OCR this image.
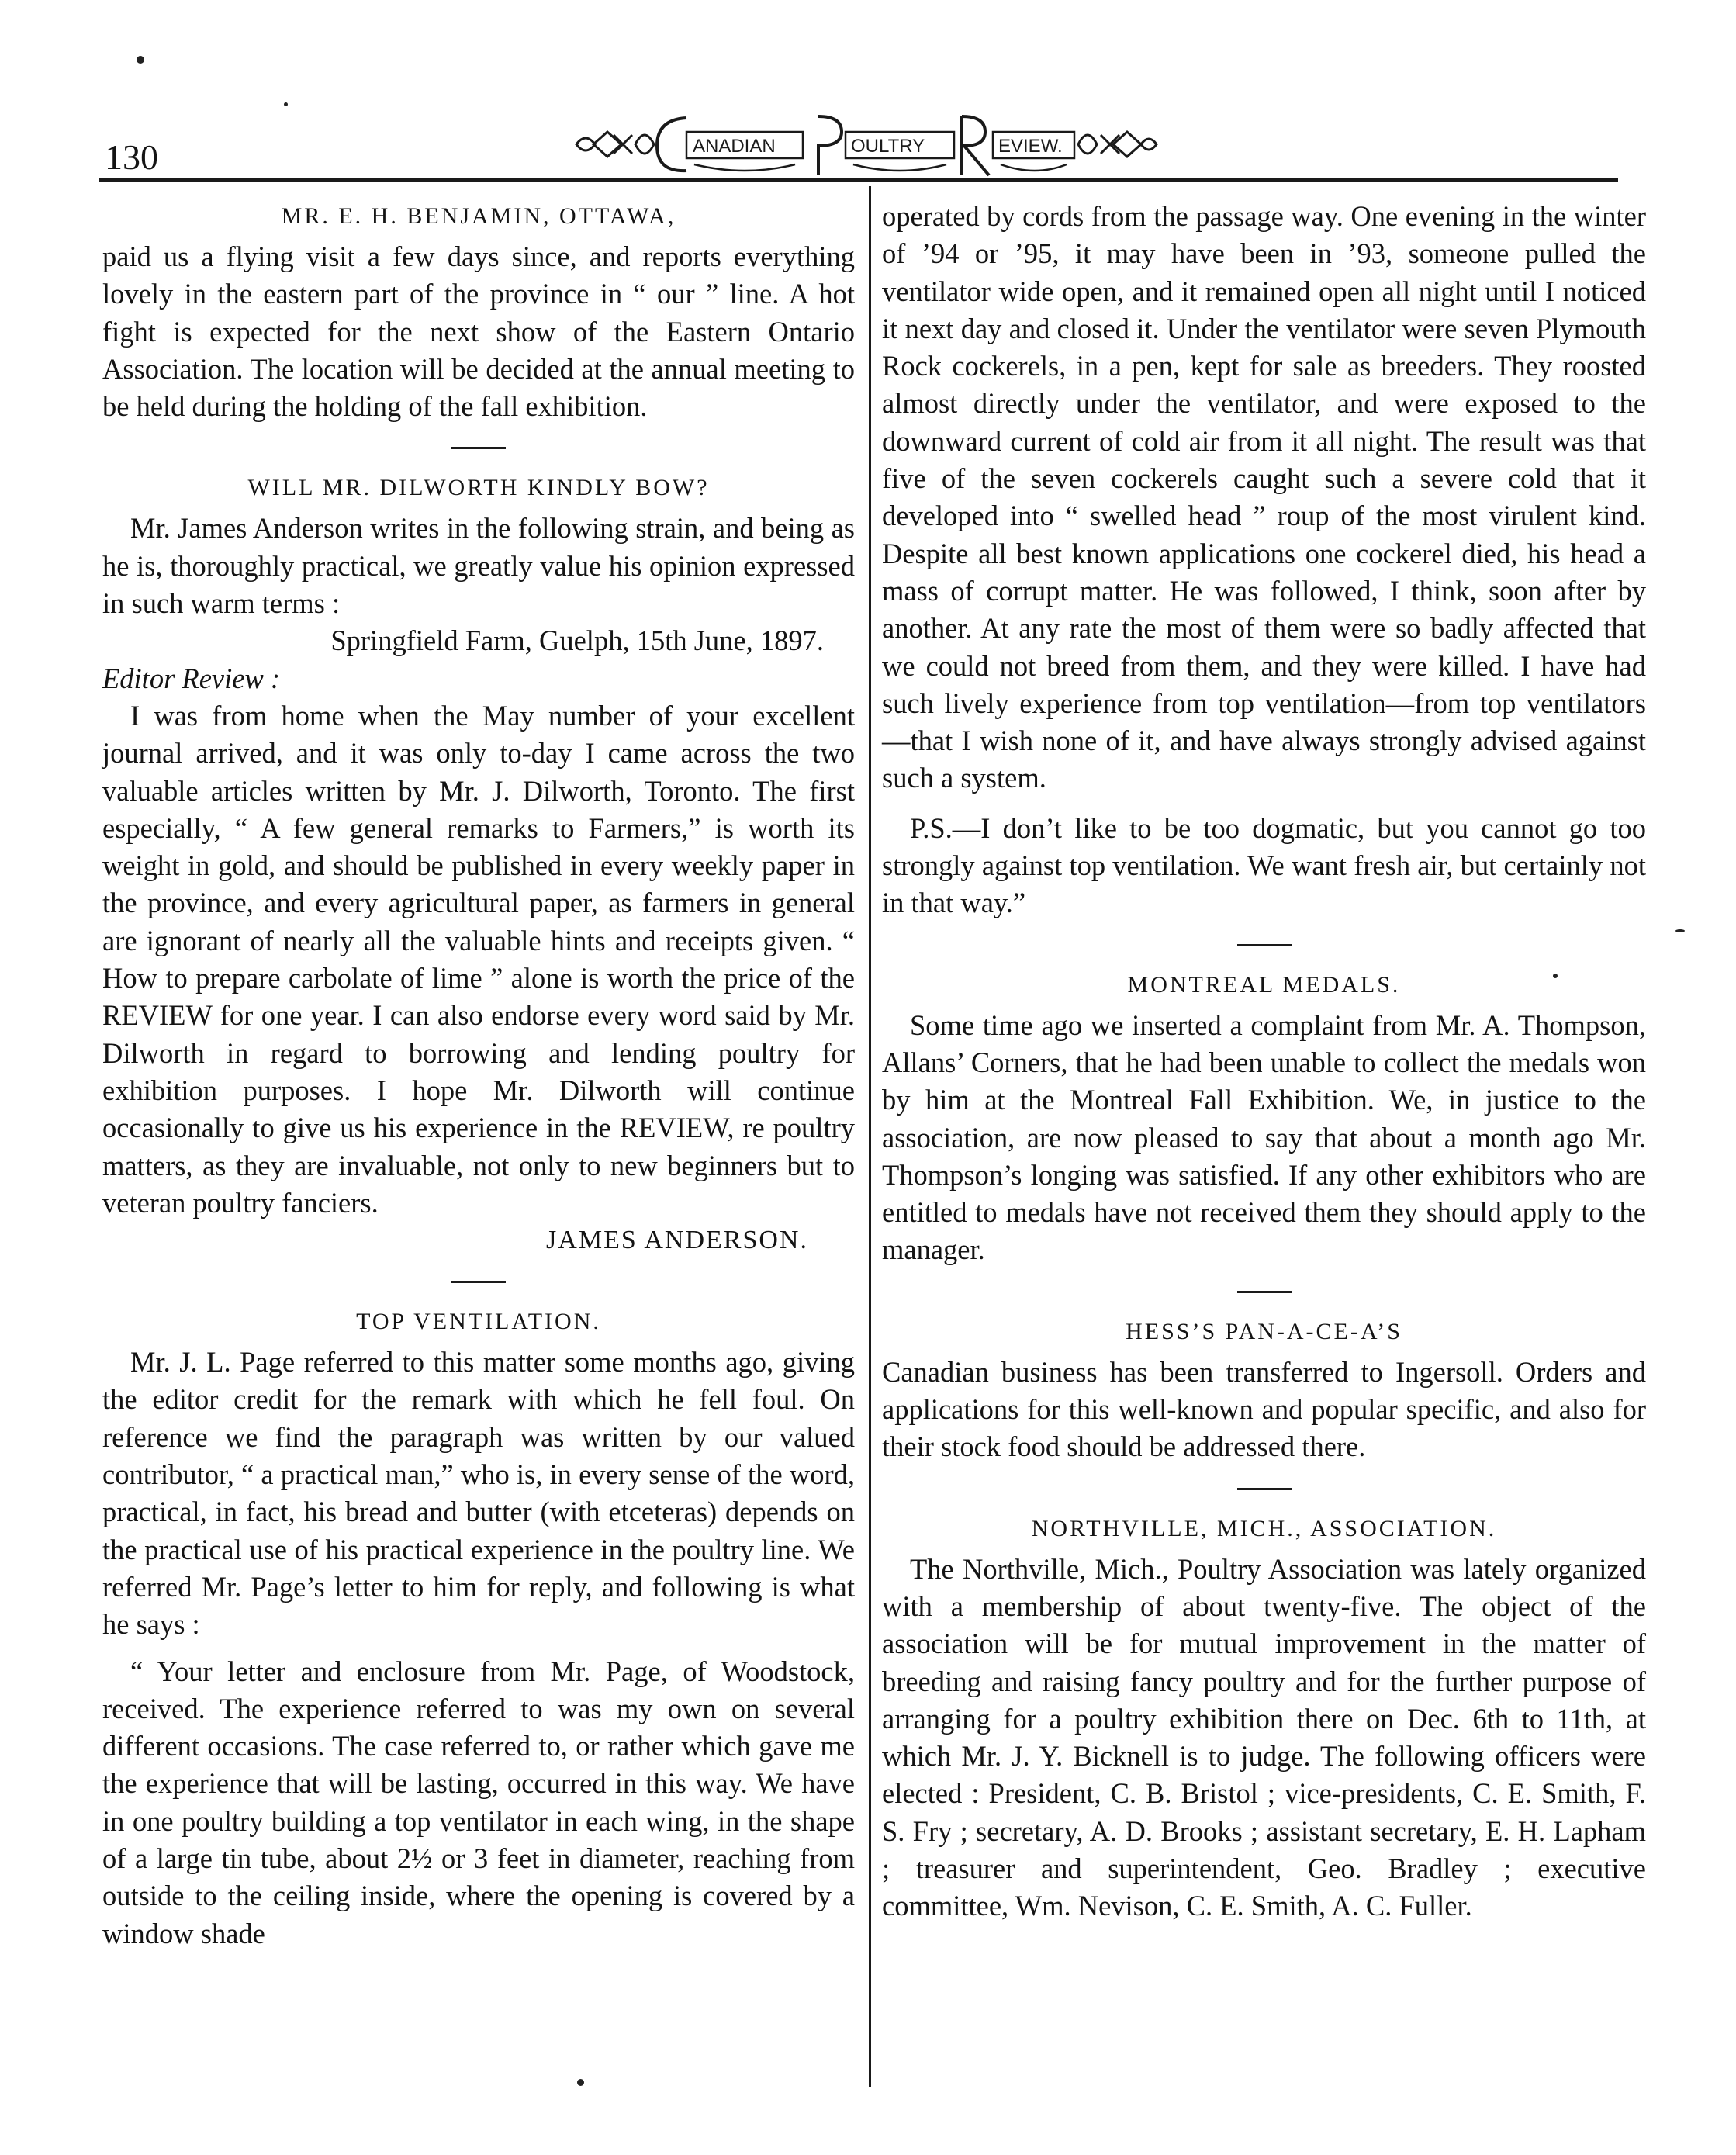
130	ANADIAN	OULTRY	EVIEW.
MR. E. H. BENJAMIN, OTTAWA,

paid us a flying visit a few days since, and reports everything lovely in the eastern part of the province in “ our ” line. A hot fight is expected for the next show of the Eastern Ontario Association. The location will be decided at the annual meeting to be held during the holding of the fall exhibition.

WILL MR. DILWORTH KINDLY BOW?

Mr. James Anderson writes in the following strain, and being as he is, thoroughly practical, we greatly value his opinion expressed in such warm terms :

Springfield Farm, Guelph, 15th June, 1897.

Editor Review :

I was from home when the May number of your excellent journal arrived, and it was only to-day I came across the two valuable articles written by Mr. J. Dilworth, Toronto. The first especially, “ A few general remarks to Farmers,” is worth its weight in gold, and should be published in every weekly paper in the province, and every agricultural paper, as farmers in general are ignorant of nearly all the valuable hints and receipts given. “ How to prepare carbolate of lime ” alone is worth the price of the REVIEW for one year. I can also endorse every word said by Mr. Dilworth in regard to borrowing and lending poultry for exhibition purposes. I hope Mr. Dilworth will continue occasionally to give us his experience in the REVIEW, re poultry matters, as they are invaluable, not only to new beginners but to veteran poultry fanciers.

JAMES ANDERSON.

TOP VENTILATION.

Mr. J. L. Page referred to this matter some months ago, giving the editor credit for the remark with which he fell foul. On reference we find the paragraph was written by our valued contributor, “ a practical man,” who is, in every sense of the word, practical, in fact, his bread and butter (with etceteras) depends on the practical use of his practical experience in the poultry line. We referred Mr. Page’s letter to him for reply, and following is what he says :

“ Your letter and enclosure from Mr. Page, of Woodstock, received. The experience referred to was my own on several different occasions. The case referred to, or rather which gave me the experience that will be lasting, occurred in this way. We have in one poultry building a top ventilator in each wing, in the shape of a large tin tube, about 2½ or 3 feet in diameter, reaching from outside to the ceiling inside, where the opening is covered by a window shade

operated by cords from the passage way. One evening in the winter of ’94 or ’95, it may have been in ’93, someone pulled the ventilator wide open, and it remained open all night until I noticed it next day and closed it. Under the ventilator were seven Plymouth Rock cockerels, in a pen, kept for sale as breeders. They roosted almost directly under the ventilator, and were exposed to the downward current of cold air from it all night. The result was that five of the seven cockerels caught such a severe cold that it developed into “ swelled head ” roup of the most virulent kind. Despite all best known applications one cockerel died, his head a mass of corrupt matter. He was followed, I think, soon after by another. At any rate the most of them were so badly affected that we could not breed from them, and they were killed. I have had such lively experience from top ventilation—from top ventilators—that I wish none of it, and have always strongly advised against such a system.

P.S.—I don’t like to be too dogmatic, but you cannot go too strongly against top ventilation. We want fresh air, but certainly not in that way.”

MONTREAL MEDALS.

Some time ago we inserted a complaint from Mr. A. Thompson, Allans’ Corners, that he had been unable to collect the medals won by him at the Montreal Fall Exhibition. We, in justice to the association, are now pleased to say that about a month ago Mr. Thompson’s longing was satisfied. If any other exhibitors who are entitled to medals have not received them they should apply to the manager.

HESS’S PAN-A-CE-A’S

Canadian business has been transferred to Ingersoll. Orders and applications for this well-known and popular specific, and also for their stock food should be addressed there.

NORTHVILLE, MICH., ASSOCIATION.

The Northville, Mich., Poultry Association was lately organized with a membership of about twenty-five. The object of the association will be for mutual improvement in the matter of breeding and raising fancy poultry and for the further purpose of arranging for a poultry exhibition there on Dec. 6th to 11th, at which Mr. J. Y. Bicknell is to judge. The following officers were elected : President, C. B. Bristol ; vice-presidents, C. E. Smith, F. S. Fry ; secretary, A. D. Brooks ; assistant secretary, E. H. Lapham ; treasurer and superintendent, Geo. Bradley ; executive committee, Wm. Nevison, C. E. Smith, A. C. Fuller.
